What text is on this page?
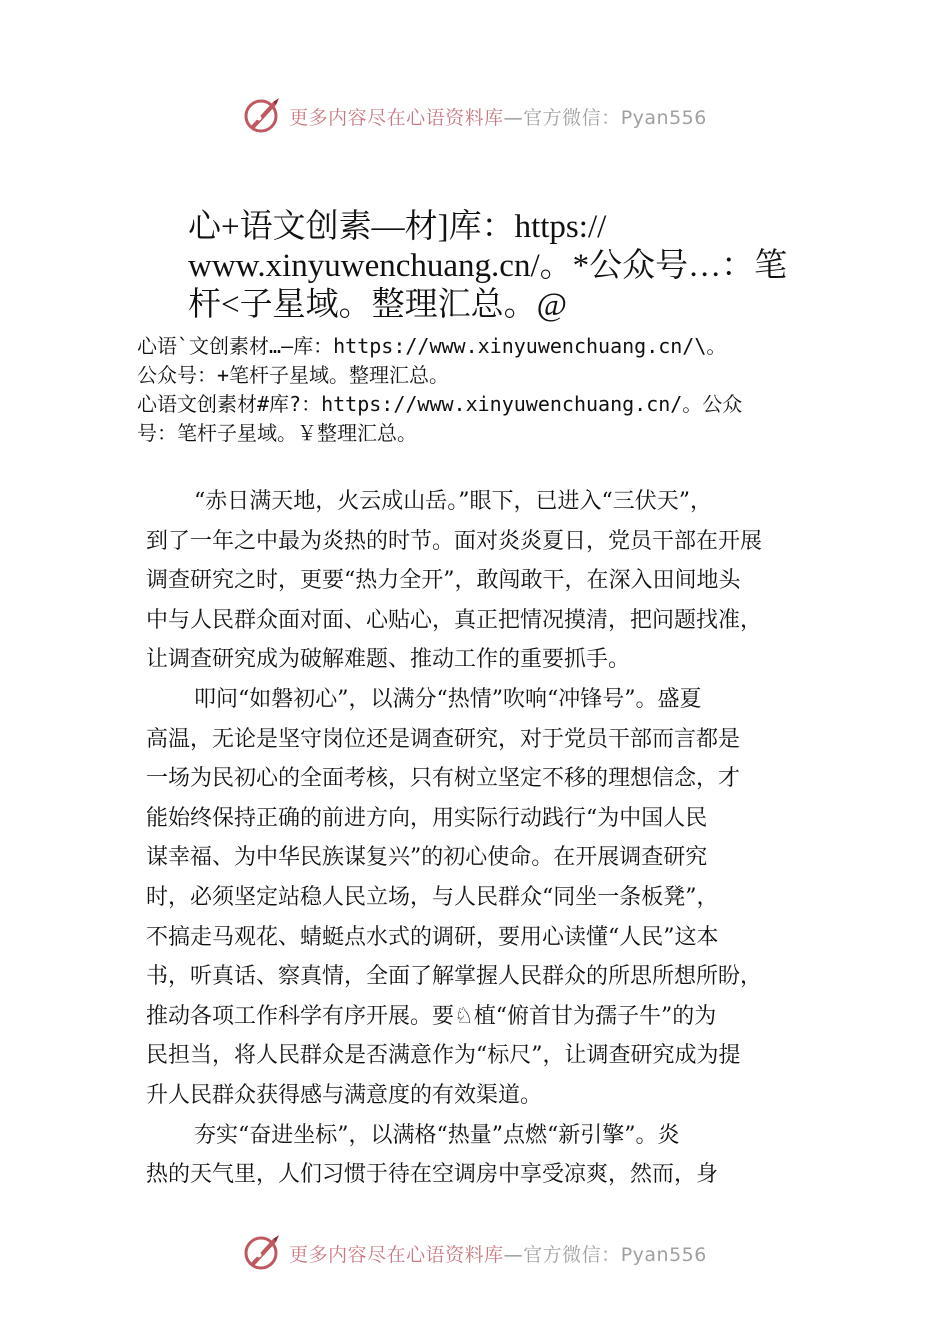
更多内容尽在心语资料库—官方微信：Pyan556
心+语文创素—材]库：https://
www.xinyuwenchuang.cn/。*公众号…：笔
杆<子星域。整理汇总。@
心语`文创素材…—库：https://www.xinyuwenchuang.cn/\。
公众号：+笔杆子星域。整理汇总。
心语文创素材#库?：https://www.xinyuwenchuang.cn/。公众
号：笔杆子星域。￥整理汇总。
“赤日满天地，火云成山岳。”眼下，已进入“三伏天”，
到了一年之中最为炎热的时节。面对炎炎夏日，党员干部在开展
调查研究之时，更要“热力全开”，敢闯敢干，在深入田间地头
中与人民群众面对面、心贴心，真正把情况摸清，把问题找准，
让调查研究成为破解难题、推动工作的重要抓手。
叩问“如磐初心”，以满分“热情”吹响“冲锋号”。盛夏
高温，无论是坚守岗位还是调查研究，对于党员干部而言都是
一场为民初心的全面考核，只有树立坚定不移的理想信念，才
能始终保持正确的前进方向，用实际行动践行“为中国人民
谋幸福、为中华民族谋复兴”的初心使命。在开展调查研究
时，必须坚定站稳人民立场，与人民群众“同坐一条板凳”，
不搞走马观花、蜻蜓点水式的调研，要用心读懂“人民”这本
书，听真话、察真情，全面了解掌握人民群众的所思所想所盼，
推动各项工作科学有序开展。要♘植“俯首甘为孺子牛”的为
民担当，将人民群众是否满意作为“标尺”，让调查研究成为提
升人民群众获得感与满意度的有效渠道。
夯实“奋进坐标”，以满格“热量”点燃“新引擎”。炎
热的天气里，人们习惯于待在空调房中享受凉爽，然而，身
更多内容尽在心语资料库—官方微信：Pyan556
